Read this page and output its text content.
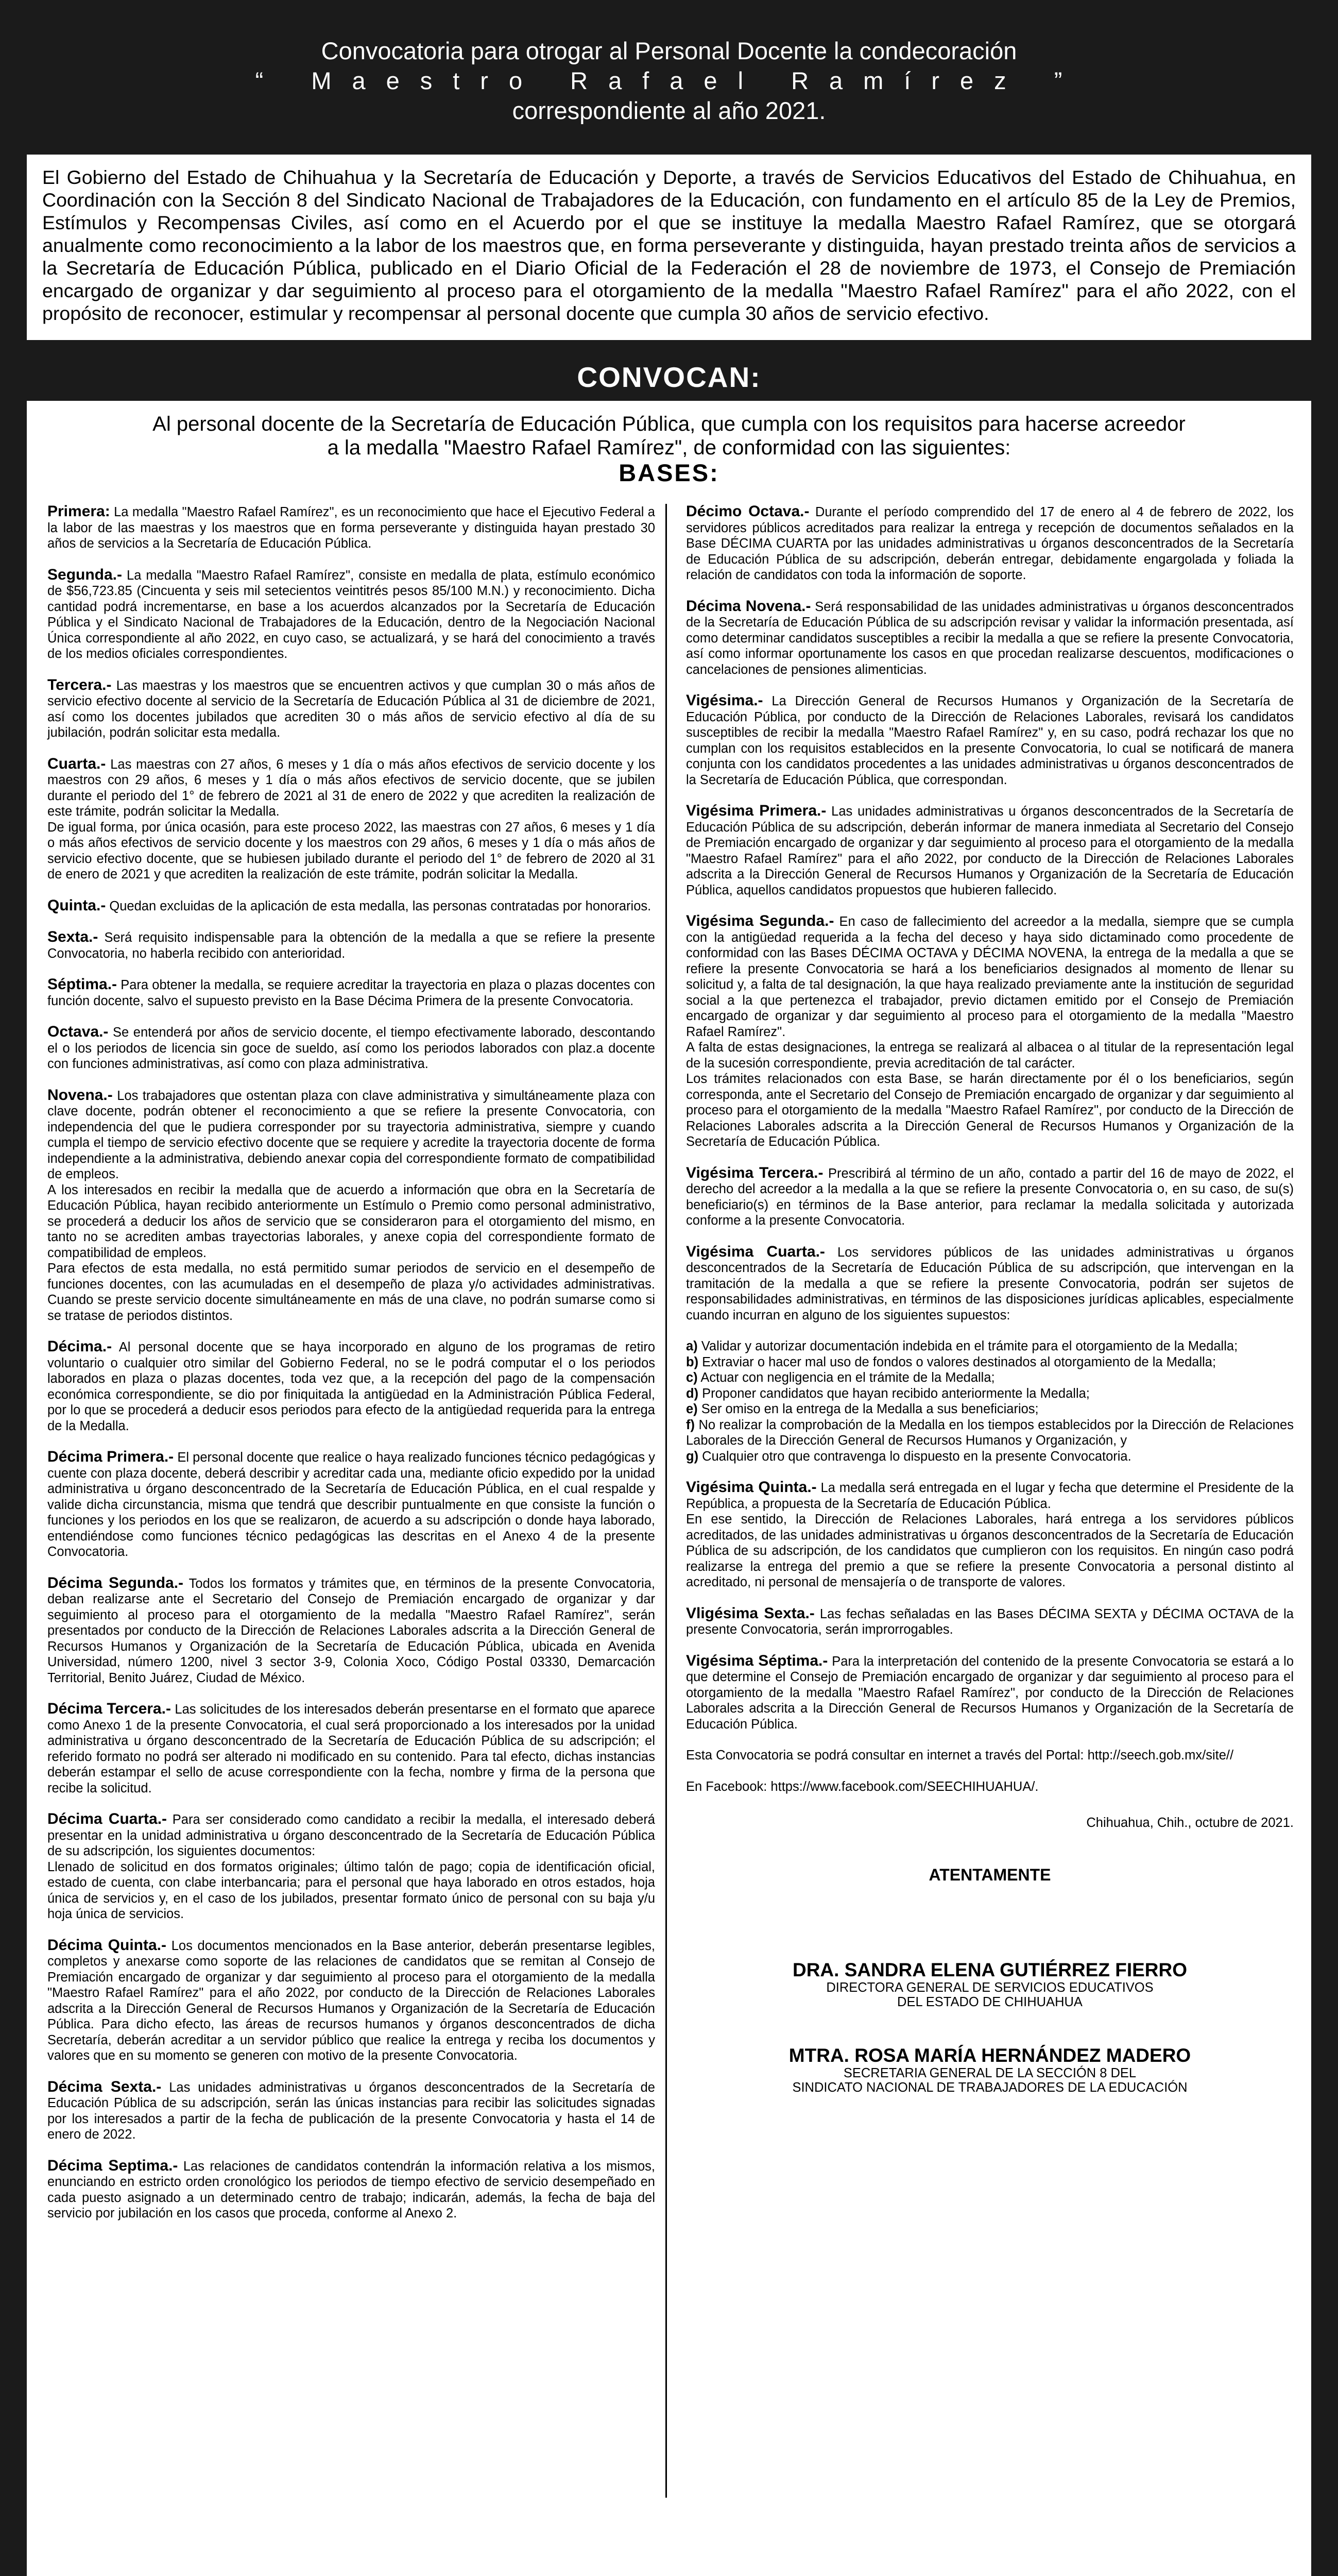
Convocatoria para otrogar al Personal Docente la condecoración
“ Maestro Rafael Ramírez ”
correspondiente al año 2021.
El Gobierno del Estado de Chihuahua y la Secretaría de Educación y Deporte, a través de Servicios Educativos del Estado de Chihuahua, en Coordinación con la Sección 8 del Sindicato Nacional de Trabajadores de la Educación, con fundamento en el artículo 85 de la Ley de Premios, Estímulos y Recompensas Civiles, así como en el Acuerdo por el que se instituye la medalla Maestro Rafael Ramírez, que se otorgará anualmente como reconocimiento a la labor de los maestros que, en forma perseverante y distinguida, hayan prestado treinta años de servicios a la Secretaría de Educación Pública, publicado en el Diario Oficial de la Federación el 28 de noviembre de 1973, el Consejo de Premiación encargado de organizar y dar seguimiento al proceso para el otorgamiento de la medalla "Maestro Rafael Ramírez" para el año 2022, con el propósito de reconocer, estimular y recompensar al personal docente que cumpla 30 años de servicio efectivo.
CONVOCAN:
Al personal docente de la Secretaría de Educación Pública, que cumpla con los requisitos para hacerse acreedor
a la medalla "Maestro Rafael Ramírez", de conformidad con las siguientes:
BASES:

Primera: La medalla "Maestro Rafael Ramírez", es un reconocimiento que hace el Ejecutivo Federal a la labor de las maestras y los maestros que en forma perseverante y distinguida hayan prestado 30 años de servicios a la Secretaría de Educación Pública.

Segunda.- La medalla "Maestro Rafael Ramírez", consiste en medalla de plata, estímulo económico de $56,723.85 (Cincuenta y seis mil setecientos veintitrés pesos 85/100 M.N.) y reconocimiento. Dicha cantidad podrá incrementarse, en base a los acuerdos alcanzados por la Secretaría de Educación Pública y el Sindicato Nacional de Trabajadores de la Educación, dentro de la Negociación Nacional Única correspondiente al año 2022, en cuyo caso, se actualizará, y se hará del conocimiento a través de los medios oficiales correspondientes.

Tercera.- Las maestras y los maestros que se encuentren activos y que cumplan 30 o más años de servicio efectivo docente al servicio de la Secretaría de Educación Pública al 31 de diciembre de 2021, así como los docentes jubilados que acrediten 30 o más años de servicio efectivo al día de su jubilación, podrán solicitar esta medalla.

Cuarta.- Las maestras con 27 años, 6 meses y 1 día o más años efectivos de servicio docente y los maestros con 29 años, 6 meses y 1 día o más años efectivos de servicio docente, que se jubilen durante el periodo del 1° de febrero de 2021 al 31 de enero de 2022 y que acrediten la realización de este trámite, podrán solicitar la Medalla.

De igual forma, por única ocasión, para este proceso 2022, las maestras con 27 años, 6 meses y 1 día o más años efectivos de servicio docente y los maestros con 29 años, 6 meses y 1 día o más años de servicio efectivo docente, que se hubiesen jubilado durante el periodo del 1° de febrero de 2020 al 31 de enero de 2021 y que acrediten la realización de este trámite, podrán solicitar la Medalla.

Quinta.- Quedan excluidas de la aplicación de esta medalla, las personas contratadas por honorarios.

Sexta.- Será requisito indispensable para la obtención de la medalla a que se refiere la presente Convocatoria, no haberla recibido con anterioridad.

Séptima.- Para obtener la medalla, se requiere acreditar la trayectoria en plaza o plazas docentes con función docente, salvo el supuesto previsto en la Base Décima Primera de la presente Convocatoria.

Octava.- Se entenderá por años de servicio docente, el tiempo efectivamente laborado, descontando el o los periodos de licencia sin goce de sueldo, así como los periodos laborados con plaz.a docente con funciones administrativas, así como con plaza administrativa.

Novena.- Los trabajadores que ostentan plaza con clave administrativa y simultáneamente plaza con clave docente, podrán obtener el reconocimiento a que se refiere la presente Convocatoria, con independencia del que le pudiera corresponder por su trayectoria administrativa, siempre y cuando cumpla el tiempo de servicio efectivo docente que se requiere y acredite la trayectoria docente de forma independiente a la administrativa, debiendo anexar copia del correspondiente formato de compatibilidad de empleos.

A los interesados en recibir la medalla que de acuerdo a información que obra en la Secretaría de Educación Pública, hayan recibido anteriormente un Estímulo o Premio como personal administrativo, se procederá a deducir los años de servicio que se consideraron para el otorgamiento del mismo, en tanto no se acrediten ambas trayectorias laborales, y anexe copia del correspondiente formato de compatibilidad de empleos.

Para efectos de esta medalla, no está permitido sumar periodos de servicio en el desempeño de funciones docentes, con las acumuladas en el desempeño de plaza y/o actividades administrativas. Cuando se preste servicio docente simultáneamente en más de una clave, no podrán sumarse como si se tratase de periodos distintos.

Décima.- Al personal docente que se haya incorporado en alguno de los programas de retiro voluntario o cualquier otro similar del Gobierno Federal, no se le podrá computar el o los periodos laborados en plaza o plazas docentes, toda vez que, a la recepción del pago de la compensación económica correspondiente, se dio por finiquitada la antigüedad en la Administración Pública Federal, por lo que se procederá a deducir esos periodos para efecto de la antigüedad requerida para la entrega de la Medalla.

Décima Primera.- El personal docente que realice o haya realizado funciones técnico pedagógicas y cuente con plaza docente, deberá describir y acreditar cada una, mediante oficio expedido por la unidad administrativa u órgano desconcentrado de la Secretaría de Educación Pública, en el cual respalde y valide dicha circunstancia, misma que tendrá que describir puntualmente en que consiste la función o funciones y los periodos en los que se realizaron, de acuerdo a su adscripción o donde haya laborado, entendiéndose como funciones técnico pedagógicas las descritas en el Anexo 4 de la presente Convocatoria.

Décima Segunda.- Todos los formatos y trámites que, en términos de la presente Convocatoria, deban realizarse ante el Secretario del Consejo de Premiación encargado de organizar y dar seguimiento al proceso para el otorgamiento de la medalla "Maestro Rafael Ramírez", serán presentados por conducto de la Dirección de Relaciones Laborales adscrita a la Dirección General de Recursos Humanos y Organización de la Secretaría de Educación Pública, ubicada en Avenida Universidad, número 1200, nivel 3 sector 3-9, Colonia Xoco, Código Postal 03330, Demarcación Territorial, Benito Juárez, Ciudad de México.

Décima Tercera.- Las solicitudes de los interesados deberán presentarse en el formato que aparece como Anexo 1 de la presente Convocatoria, el cual será proporcionado a los interesados por la unidad administrativa u órgano desconcentrado de la Secretaría de Educación Pública de su adscripción; el referido formato no podrá ser alterado ni modificado en su contenido. Para tal efecto, dichas instancias deberán estampar el sello de acuse correspondiente con la fecha, nombre y firma de la persona que recibe la solicitud.

Décima Cuarta.- Para ser considerado como candidato a recibir la medalla, el interesado deberá presentar en la unidad administrativa u órgano desconcentrado de la Secretaría de Educación Pública de su adscripción, los siguientes documentos:

Llenado de solicitud en dos formatos originales; último talón de pago; copia de identificación oficial, estado de cuenta, con clabe interbancaria; para el personal que haya laborado en otros estados, hoja única de servicios y, en el caso de los jubilados, presentar formato único de personal con su baja y/u hoja única de servicios.

Décima Quinta.- Los documentos mencionados en la Base anterior, deberán presentarse legibles, completos y anexarse como soporte de las relaciones de candidatos que se remitan al Consejo de Premiación encargado de organizar y dar seguimiento al proceso para el otorgamiento de la medalla "Maestro Rafael Ramírez" para el año 2022, por conducto de la Dirección de Relaciones Laborales adscrita a la Dirección General de Recursos Humanos y Organización de la Secretaría de Educación Pública. Para dicho efecto, las áreas de recursos humanos y órganos desconcentrados de dicha Secretaría, deberán acreditar a un servidor público que realice la entrega y reciba los documentos y valores que en su momento se generen con motivo de la presente Convocatoria.

Décima Sexta.- Las unidades administrativas u órganos desconcentrados de la Secretaría de Educación Pública de su adscripción, serán las únicas instancias para recibir las solicitudes signadas por los interesados a partir de la fecha de publicación de la presente Convocatoria y hasta el 14 de enero de 2022.

Décima Septima.- Las relaciones de candidatos contendrán la información relativa a los mismos, enunciando en estricto orden cronológico los periodos de tiempo efectivo de servicio desempeñado en cada puesto asignado a un determinado centro de trabajo; indicarán, además, la fecha de baja del servicio por jubilación en los casos que proceda, conforme al Anexo 2.

Décimo Octava.- Durante el período comprendido del 17 de enero al 4 de febrero de 2022, los servidores públicos acreditados para realizar la entrega y recepción de documentos señalados en la Base DÉCIMA CUARTA por las unidades administrativas u órganos desconcentrados de la Secretaría de Educación Pública de su adscripción, deberán entregar, debidamente engargolada y foliada la relación de candidatos con toda la información de soporte.

Décima Novena.- Será responsabilidad de las unidades administrativas u órganos desconcentrados de la Secretaría de Educación Pública de su adscripción revisar y validar la información presentada, así como determinar candidatos susceptibles a recibir la medalla a que se refiere la presente Convocatoria, así como informar oportunamente los casos en que procedan realizarse descuentos, modificaciones o cancelaciones de pensiones alimenticias.

Vigésima.- La Dirección General de Recursos Humanos y Organización de la Secretaría de Educación Pública, por conducto de la Dirección de Relaciones Laborales, revisará los candidatos susceptibles de recibir la medalla "Maestro Rafael Ramírez" y, en su caso, podrá rechazar los que no cumplan con los requisitos establecidos en la presente Convocatoria, lo cual se notificará de manera conjunta con los candidatos procedentes a las unidades administrativas u órganos desconcentrados de la Secretaría de Educación Pública, que correspondan.

Vigésima Primera.- Las unidades administrativas u órganos desconcentrados de la Secretaría de Educación Pública de su adscripción, deberán informar de manera inmediata al Secretario del Consejo de Premiación encargado de organizar y dar seguimiento al proceso para el otorgamiento de la medalla "Maestro Rafael Ramírez" para el año 2022, por conducto de la Dirección de Relaciones Laborales adscrita a la Dirección General de Recursos Humanos y Organización de la Secretaría de Educación Pública, aquellos candidatos propuestos que hubieren fallecido.

Vigésima Segunda.- En caso de fallecimiento del acreedor a la medalla, siempre que se cumpla con la antigüedad requerida a la fecha del deceso y haya sido dictaminado como procedente de conformidad con las Bases DÉCIMA OCTAVA y DÉCIMA NOVENA, la entrega de la medalla a que se refiere la presente Convocatoria se hará a los beneficiarios designados al momento de llenar su solicitud y, a falta de tal designación, la que haya realizado previamente ante la institución de seguridad social a la que pertenezca el trabajador, previo dictamen emitido por el Consejo de Premiación encargado de organizar y dar seguimiento al proceso para el otorgamiento de la medalla "Maestro Rafael Ramírez".

A falta de estas designaciones, la entrega se realizará al albacea o al titular de la representación legal de la sucesión correspondiente, previa acreditación de tal carácter.

Los trámites relacionados con esta Base, se harán directamente por él o los beneficiarios, según corresponda, ante el Secretario del Consejo de Premiación encargado de organizar y dar seguimiento al proceso para el otorgamiento de la medalla "Maestro Rafael Ramírez", por conducto de la Dirección de Relaciones Laborales adscrita a la Dirección General de Recursos Humanos y Organización de la Secretaría de Educación Pública.

Vigésima Tercera.- Prescribirá al término de un año, contado a partir del 16 de mayo de 2022, el derecho del acreedor a la medalla a la que se refiere la presente Convocatoria o, en su caso, de su(s) beneficiario(s) en términos de la Base anterior, para reclamar la medalla solicitada y autorizada conforme a la presente Convocatoria.

Vigésima Cuarta.- Los servidores públicos de las unidades administrativas u órganos desconcentrados de la Secretaría de Educación Pública de su adscripción, que intervengan en la tramitación de la medalla a que se refiere la presente Convocatoria, podrán ser sujetos de responsabilidades administrativas, en términos de las disposiciones jurídicas aplicables, especialmente cuando incurran en alguno de los siguientes supuestos:

a) Validar y autorizar documentación indebida en el trámite para el otorgamiento de la Medalla;
b) Extraviar o hacer mal uso de fondos o valores destinados al otorgamiento de la Medalla;
c) Actuar con negligencia en el trámite de la Medalla;
d) Proponer candidatos que hayan recibido anteriormente la Medalla;
e) Ser omiso en la entrega de la Medalla a sus beneficiarios;
f) No realizar la comprobación de la Medalla en los tiempos establecidos por la Dirección de Relaciones Laborales de la Dirección General de Recursos Humanos y Organización, y
g) Cualquier otro que contravenga lo dispuesto en la presente Convocatoria.

Vigésima Quinta.- La medalla será entregada en el lugar y fecha que determine el Presidente de la República, a propuesta de la Secretaría de Educación Pública.

En ese sentido, la Dirección de Relaciones Laborales, hará entrega a los servidores públicos acreditados, de las unidades administrativas u órganos desconcentrados de la Secretaría de Educación Pública de su adscripción, de los candidatos que cumplieron con los requisitos. En ningún caso podrá realizarse la entrega del premio a que se refiere la presente Convocatoria a personal distinto al acreditado, ni personal de mensajería o de transporte de valores.

Vligésima Sexta.- Las fechas señaladas en las Bases DÉCIMA SEXTA y DÉCIMA OCTAVA de la presente Convocatoria, serán improrrogables.

Vigésima Séptima.- Para la interpretación del contenido de la presente Convocatoria se estará a lo que determine el Consejo de Premiación encargado de organizar y dar seguimiento al proceso para el otorgamiento de la medalla "Maestro Rafael Ramírez", por conducto de la Dirección de Relaciones Laborales adscrita a la Dirección General de Recursos Humanos y Organización de la Secretaría de Educación Pública.

Esta Convocatoria se podrá consultar en internet a través del Portal: http://seech.gob.mx/site//

En Facebook: https://www.facebook.com/SEECHIHUAHUA/.

Chihuahua, Chih., octubre de 2021.
ATENTAMENTE
DRA. SANDRA ELENA GUTIÉRREZ FIERRO
DIRECTORA GENERAL DE SERVICIOS EDUCATIVOS
DEL ESTADO DE CHIHUAHUA
MTRA. ROSA MARÍA HERNÁNDEZ MADERO
SECRETARIA GENERAL DE LA SECCIÓN 8 DEL
SINDICATO NACIONAL DE TRABAJADORES DE LA EDUCACIÓN
